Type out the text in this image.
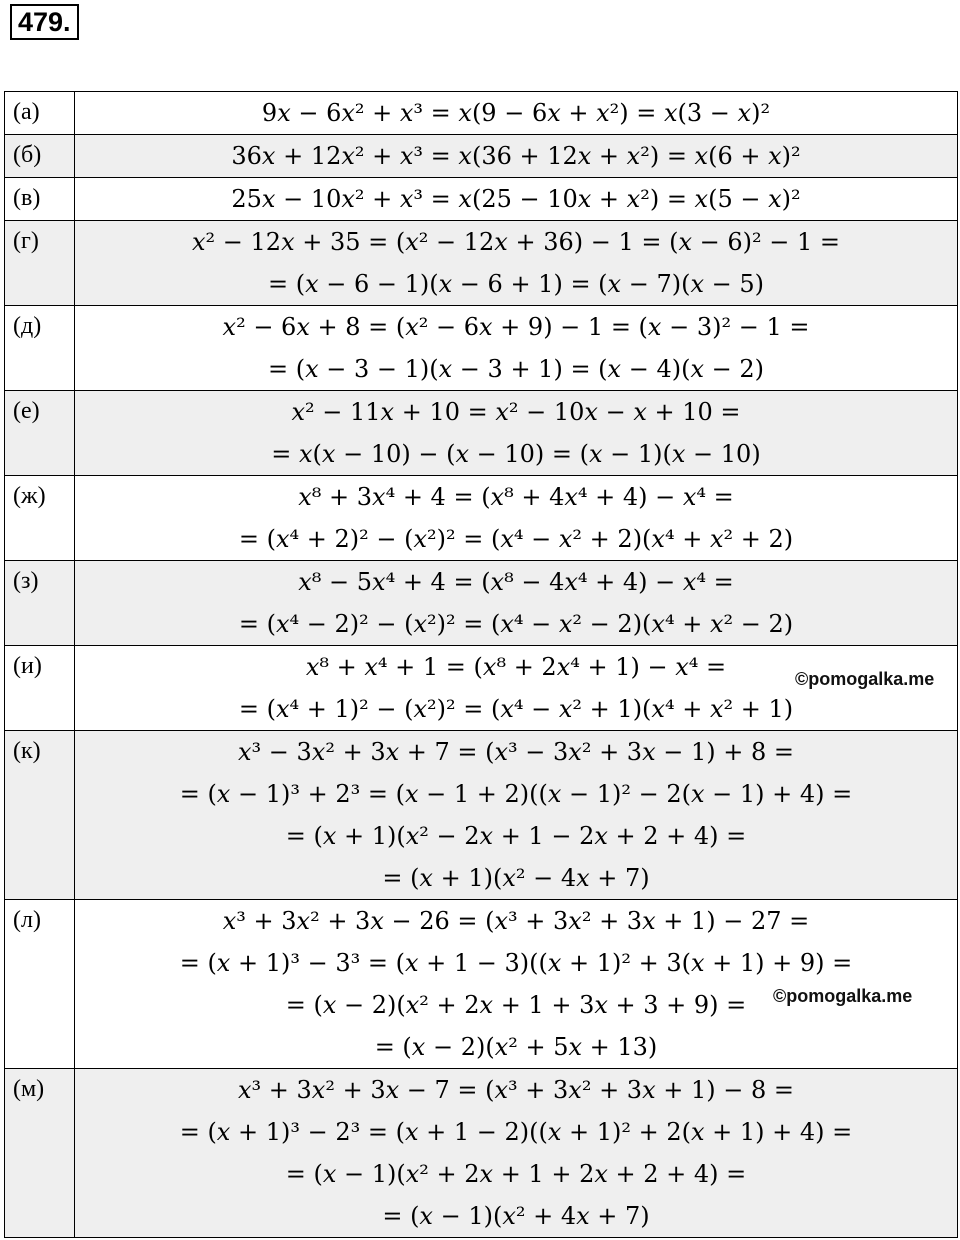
479.
(а)	9𝑥 − 6𝑥² + 𝑥³ = 𝑥(9 − 6𝑥 + 𝑥²) = 𝑥(3 − 𝑥)²

(б)	36𝑥 + 12𝑥² + 𝑥³ = 𝑥(36 + 12𝑥 + 𝑥²) = 𝑥(6 + 𝑥)²

(в)	25𝑥 − 10𝑥² + 𝑥³ = 𝑥(25 − 10𝑥 + 𝑥²) = 𝑥(5 − 𝑥)²

(г)	𝑥² − 12𝑥 + 35 = (𝑥² − 12𝑥 + 36) − 1 = (𝑥 − 6)² − 1 =
= (𝑥 − 6 − 1)(𝑥 − 6 + 1) = (𝑥 − 7)(𝑥 − 5)

(д)	𝑥² − 6𝑥 + 8 = (𝑥² − 6𝑥 + 9) − 1 = (𝑥 − 3)² − 1 =
= (𝑥 − 3 − 1)(𝑥 − 3 + 1) = (𝑥 − 4)(𝑥 − 2)

(е)	𝑥² − 11𝑥 + 10 = 𝑥² − 10𝑥 − 𝑥 + 10 =
= 𝑥(𝑥 − 10) − (𝑥 − 10) = (𝑥 − 1)(𝑥 − 10)

(ж)	𝑥⁸ + 3𝑥⁴ + 4 = (𝑥⁸ + 4𝑥⁴ + 4) − 𝑥⁴ =
= (𝑥⁴ + 2)² − (𝑥²)² = (𝑥⁴ − 𝑥² + 2)(𝑥⁴ + 𝑥² + 2)

(з)	𝑥⁸ − 5𝑥⁴ + 4 = (𝑥⁸ − 4𝑥⁴ + 4) − 𝑥⁴ =
= (𝑥⁴ − 2)² − (𝑥²)² = (𝑥⁴ − 𝑥² − 2)(𝑥⁴ + 𝑥² − 2)

(и)	𝑥⁸ + 𝑥⁴ + 1 = (𝑥⁸ + 2𝑥⁴ + 1) − 𝑥⁴ =
= (𝑥⁴ + 1)² − (𝑥²)² = (𝑥⁴ − 𝑥² + 1)(𝑥⁴ + 𝑥² + 1)

(к)	𝑥³ − 3𝑥² + 3𝑥 + 7 = (𝑥³ − 3𝑥² + 3𝑥 − 1) + 8 =
= (𝑥 − 1)³ + 2³ = (𝑥 − 1 + 2)((𝑥 − 1)² − 2(𝑥 − 1) + 4) =
= (𝑥 + 1)(𝑥² − 2𝑥 + 1 − 2𝑥 + 2 + 4) =
= (𝑥 + 1)(𝑥² − 4𝑥 + 7)

(л)	𝑥³ + 3𝑥² + 3𝑥 − 26 = (𝑥³ + 3𝑥² + 3𝑥 + 1) − 27 =
= (𝑥 + 1)³ − 3³ = (𝑥 + 1 − 3)((𝑥 + 1)² + 3(𝑥 + 1) + 9) =
= (𝑥 − 2)(𝑥² + 2𝑥 + 1 + 3𝑥 + 3 + 9) =
= (𝑥 − 2)(𝑥² + 5𝑥 + 13)

(м)	𝑥³ + 3𝑥² + 3𝑥 − 7 = (𝑥³ + 3𝑥² + 3𝑥 + 1) − 8 =
= (𝑥 + 1)³ − 2³ = (𝑥 + 1 − 2)((𝑥 + 1)² + 2(𝑥 + 1) + 4) =
= (𝑥 − 1)(𝑥² + 2𝑥 + 1 + 2𝑥 + 2 + 4) =
= (𝑥 − 1)(𝑥² + 4𝑥 + 7)
©pomogalka.me
©pomogalka.me
